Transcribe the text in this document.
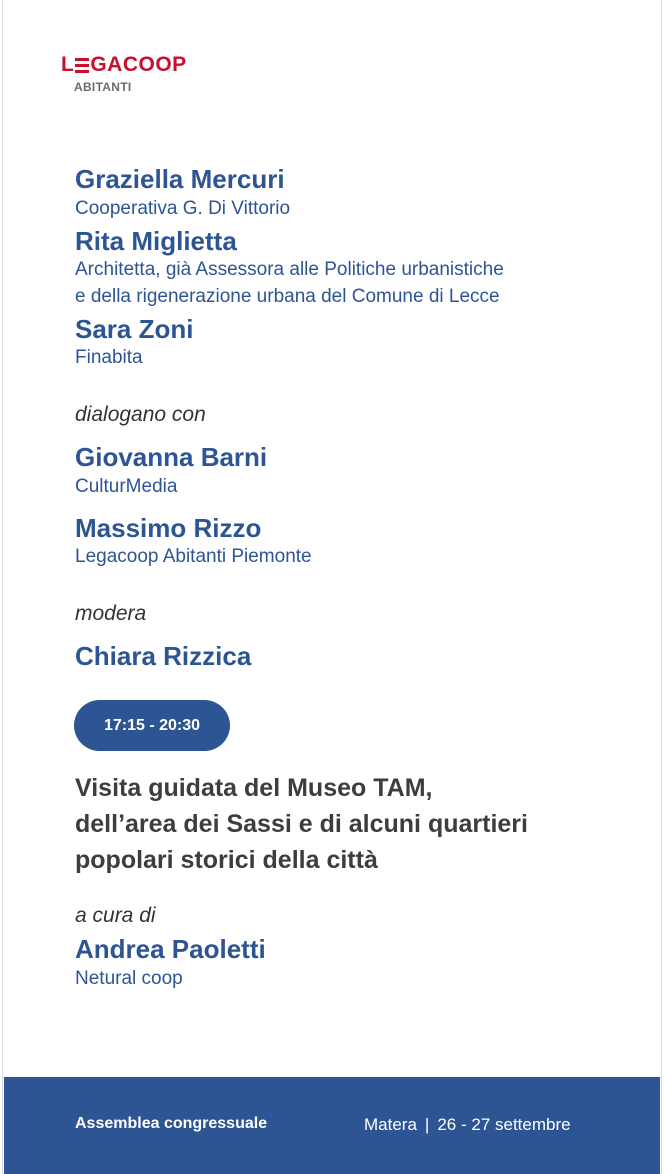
L GACOOP
ABITANTI
Graziella Mercuri
Cooperativa G. Di Vittorio
Rita Miglietta
Architetta, già Assessora alle Politiche urbanistiche
e della rigenerazione urbana del Comune di Lecce
Sara Zoni
Finabita
dialogano con
Giovanna Barni
CulturMedia
Massimo Rizzo
Legacoop Abitanti Piemonte
modera
Chiara Rizzica
Visita guidata del Museo TAM,
dell’area dei Sassi e di alcuni quartieri
popolari storici della città
a cura di
Andrea Paoletti
Netural coop
17:15 - 20:30
Assemblea congressuale	Matera | 26 - 27 settembre
